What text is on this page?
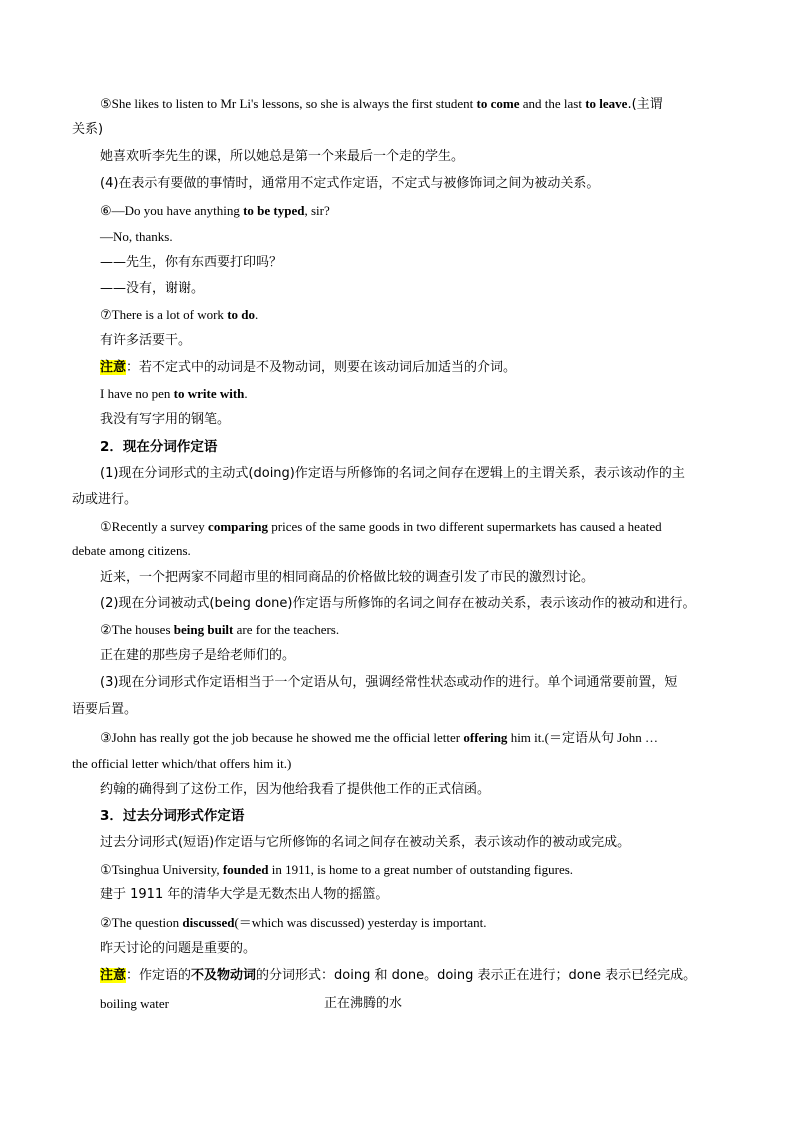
⑤She likes to listen to Mr Li's lessons, so she is always the first student to come and the last to leave.(主谓
关系)
她喜欢听李先生的课，所以她总是第一个来最后一个走的学生。
(4)在表示有要做的事情时，通常用不定式作定语，不定式与被修饰词之间为被动关系。
⑥—Do you have anything to be typed, sir?
—No, thanks.
——先生，你有东西要打印吗？
——没有，谢谢。
⑦There is a lot of work to do.
有许多活要干。
注意：若不定式中的动词是不及物动词，则要在该动词后加适当的介词。
I have no pen to write with.
我没有写字用的钢笔。
2．现在分词作定语
(1)现在分词形式的主动式(doing)作定语与所修饰的名词之间存在逻辑上的主谓关系，表示该动作的主
动或进行。
①Recently a survey comparing prices of the same goods in two different supermarkets has caused a heated
debate among citizens.
近来，一个把两家不同超市里的相同商品的价格做比较的调查引发了市民的激烈讨论。
(2)现在分词被动式(being done)作定语与所修饰的名词之间存在被动关系，表示该动作的被动和进行。
②The houses being built are for the teachers.
正在建的那些房子是给老师们的。
(3)现在分词形式作定语相当于一个定语从句，强调经常性状态或动作的进行。单个词通常要前置，短
语要后置。
③John has really got the job because he showed me the official letter offering him it.(＝定语从句 John …
the official letter which/that offers him it.)
约翰的确得到了这份工作，因为他给我看了提供他工作的正式信函。
3．过去分词形式作定语
过去分词形式(短语)作定语与它所修饰的名词之间存在被动关系，表示该动作的被动或完成。
①Tsinghua University, founded in 1911, is home to a great number of outstanding figures.
建于 1911 年的清华大学是无数杰出人物的摇篮。
②The question discussed(＝which was discussed) yesterday is important.
昨天讨论的问题是重要的。
注意：作定语的不及物动词的分词形式：doing 和 done。doing 表示正在进行；done 表示已经完成。
boiling water	正在沸腾的水
